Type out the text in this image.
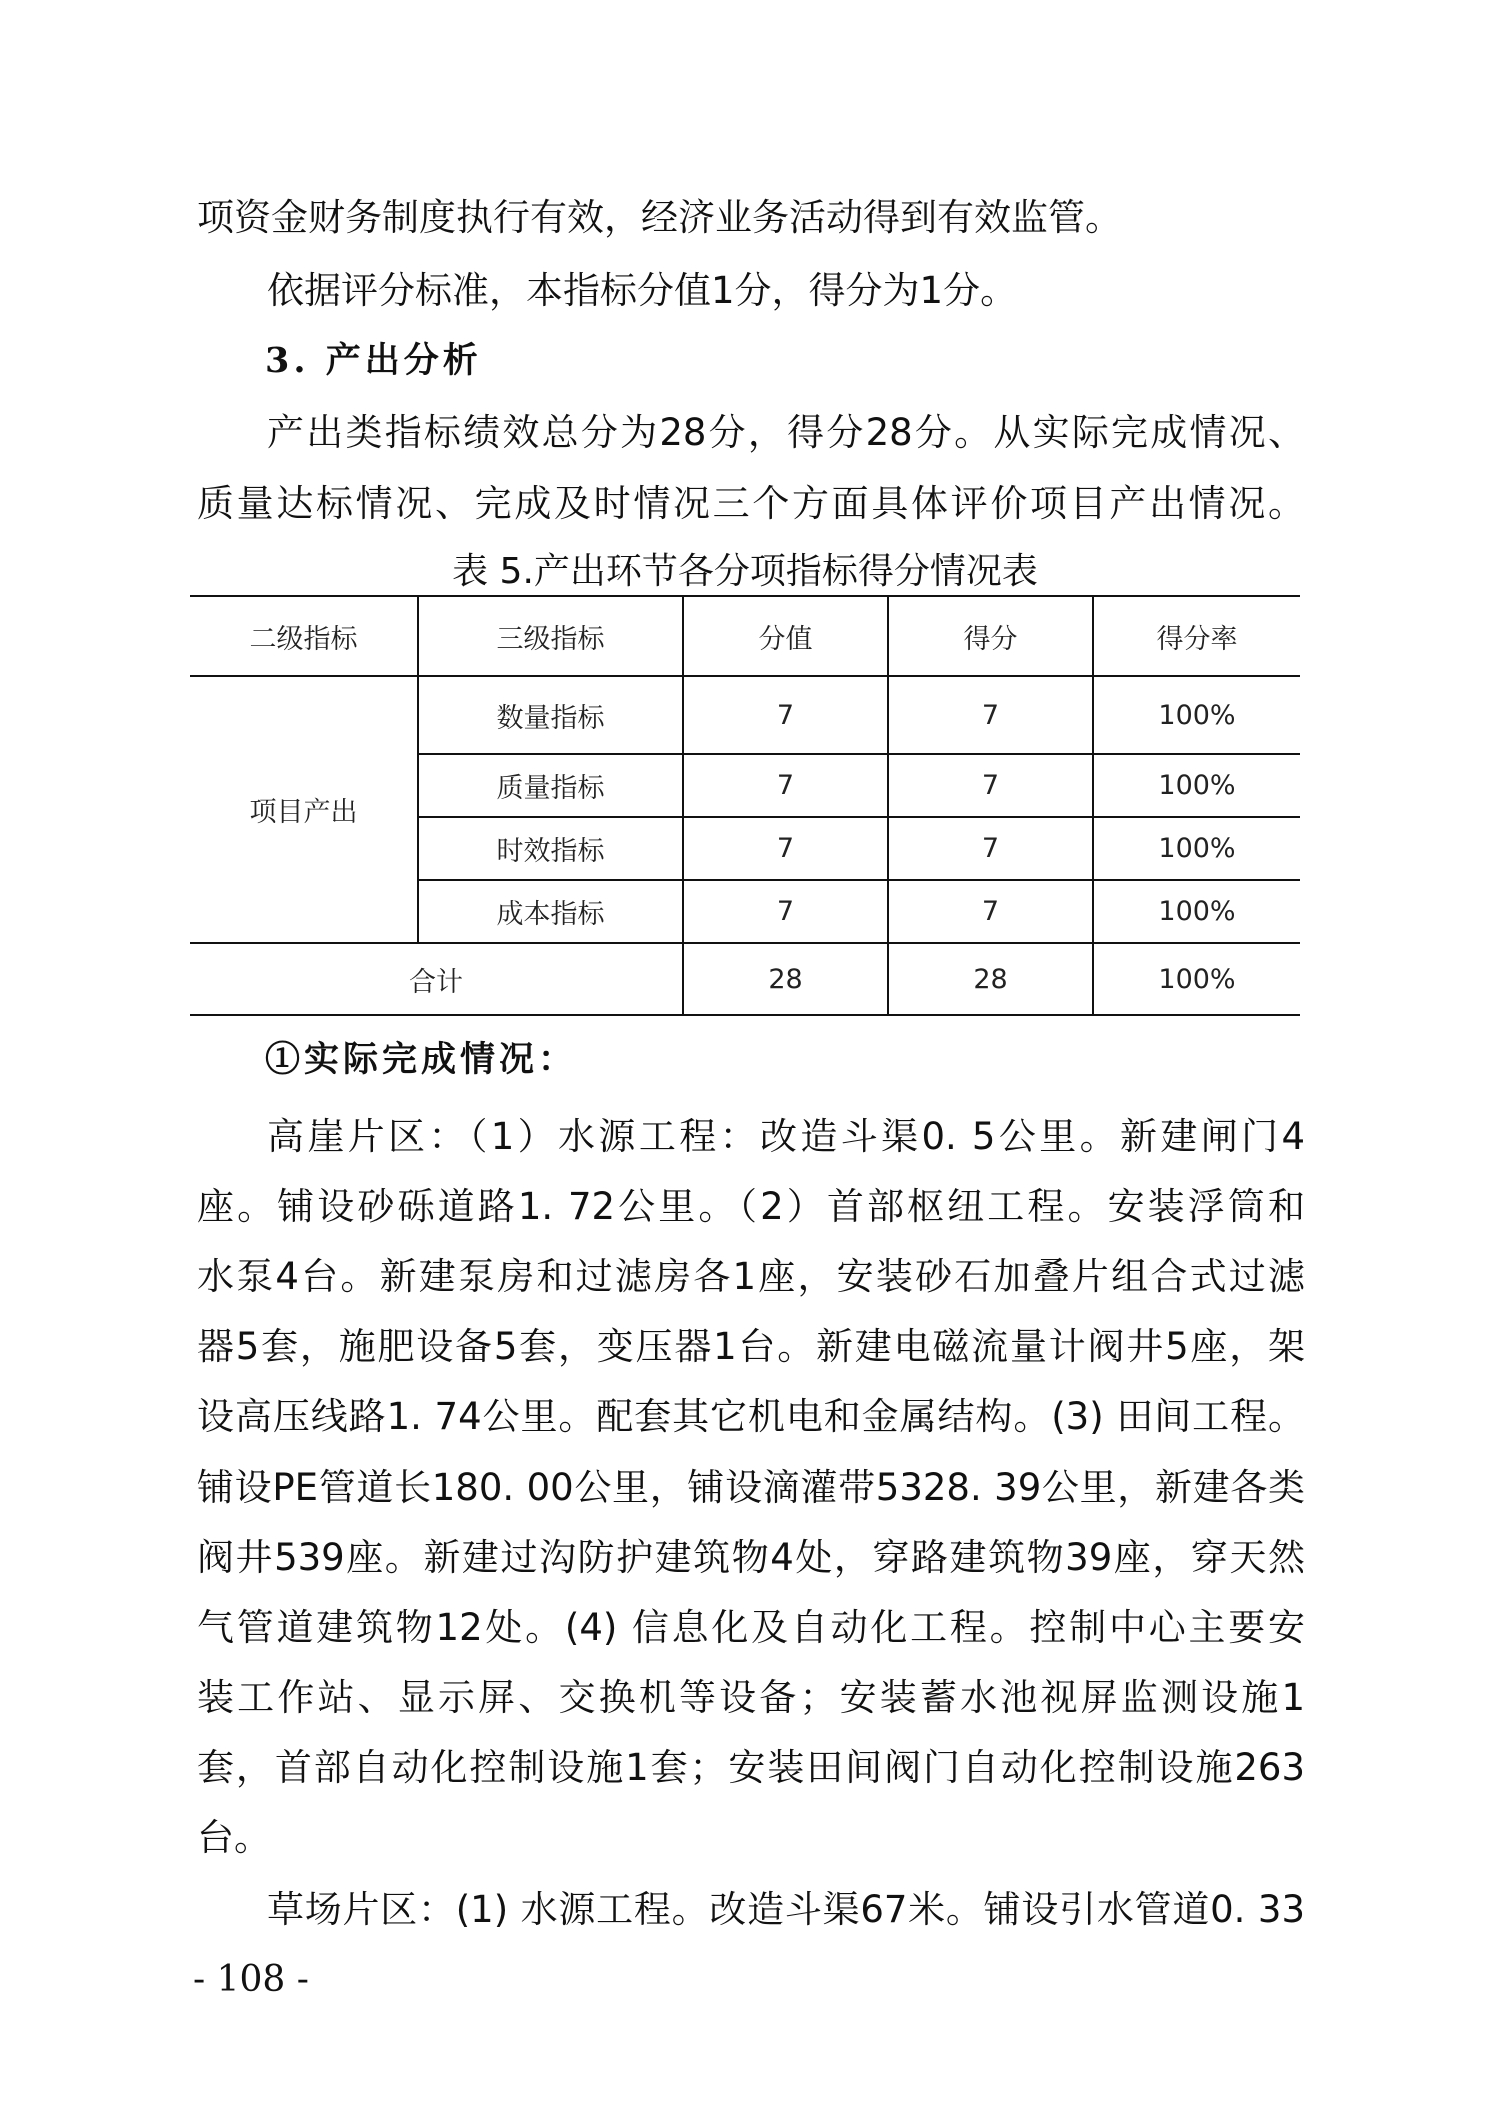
项资金财务制度执行有效，经济业务活动得到有效监管。
依据评分标准，本指标分值1分，得分为1分。
3. 产出分析
产出类指标绩效总分为28分，得分28分。从实际完成情况、
质量达标情况、完成及时情况三个方面具体评价项目产出情况。
表 5.产出环节各分项指标得分情况表
二级指标	三级指标	分值	得分	得分率
项目产出	数量指标	7	7	100%
	质量指标	7	7	100%
	时效指标	7	7	100%
	成本指标	7	7	100%
合计		28	28	100%
①实际完成情况：
高崖片区：（1）水源工程：改造斗渠0. 5公里。新建闸门4
座。铺设砂砾道路1. 72公里。（2）首部枢纽工程。安装浮筒和
水泵4台。新建泵房和过滤房各1座，安装砂石加叠片组合式过滤
器5套，施肥设备5套，变压器1台。新建电磁流量计阀井5座，架
设高压线路1. 74公里。配套其它机电和金属结构。(3) 田间工程。
铺设PE管道长180. 00公里，铺设滴灌带5328. 39公里，新建各类
阀井539座。新建过沟防护建筑物4处，穿路建筑物39座，穿天然
气管道建筑物12处。(4) 信息化及自动化工程。控制中心主要安
装工作站、显示屏、交换机等设备；安装蓄水池视屏监测设施1
套，首部自动化控制设施1套；安装田间阀门自动化控制设施263
台。
草场片区：(1) 水源工程。改造斗渠67米。铺设引水管道0. 33
- 108 -
